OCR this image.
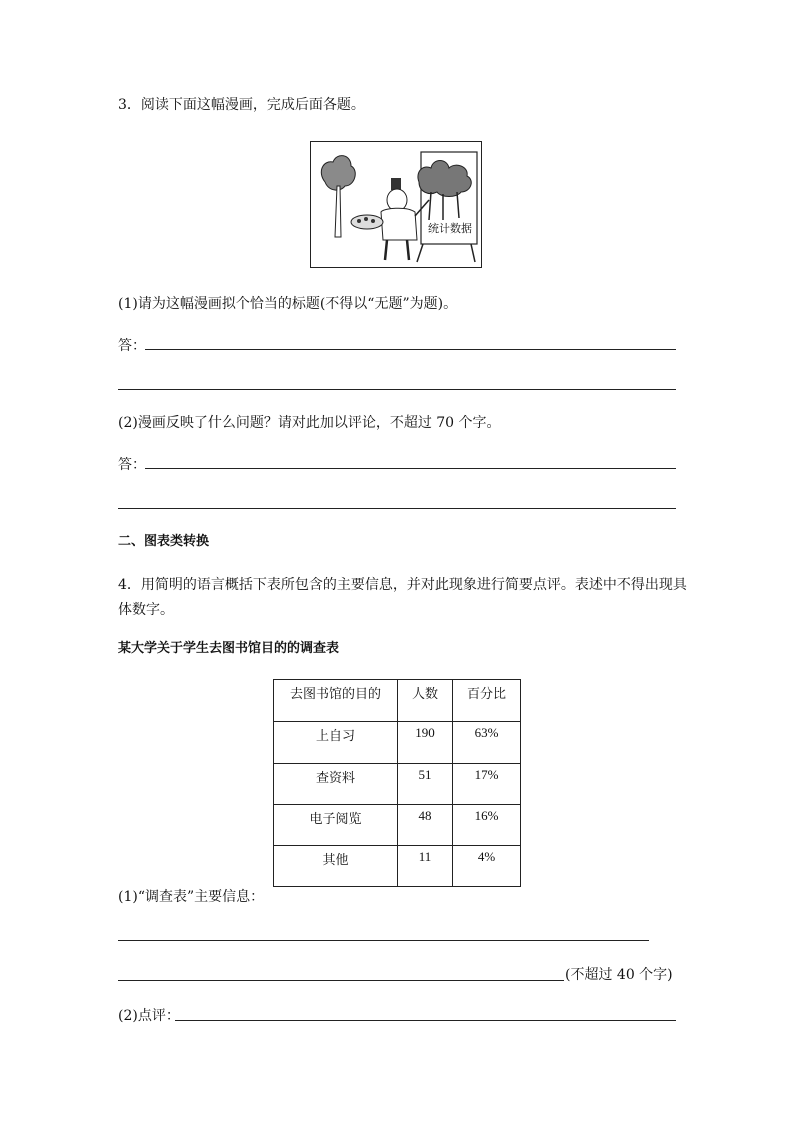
3．阅读下面这幅漫画，完成后面各题。
统计数据
(1)请为这幅漫画拟个恰当的标题(不得以“无题”为题)。
答：
(2)漫画反映了什么问题？请对此加以评论，不超过 70 个字。
答：
二、图表类转换
4．用简明的语言概括下表所包含的主要信息，并对此现象进行简要点评。表述中不得出现具
体数字。
某大学关于学生去图书馆目的的调查表
去图书馆的目的	人数	百分比
上自习	190	63%
查资料	51	17%
电子阅览	48	16%
其他	11	4%
(1)“调查表”主要信息：
(不超过 40 个字)
(2)点评：
